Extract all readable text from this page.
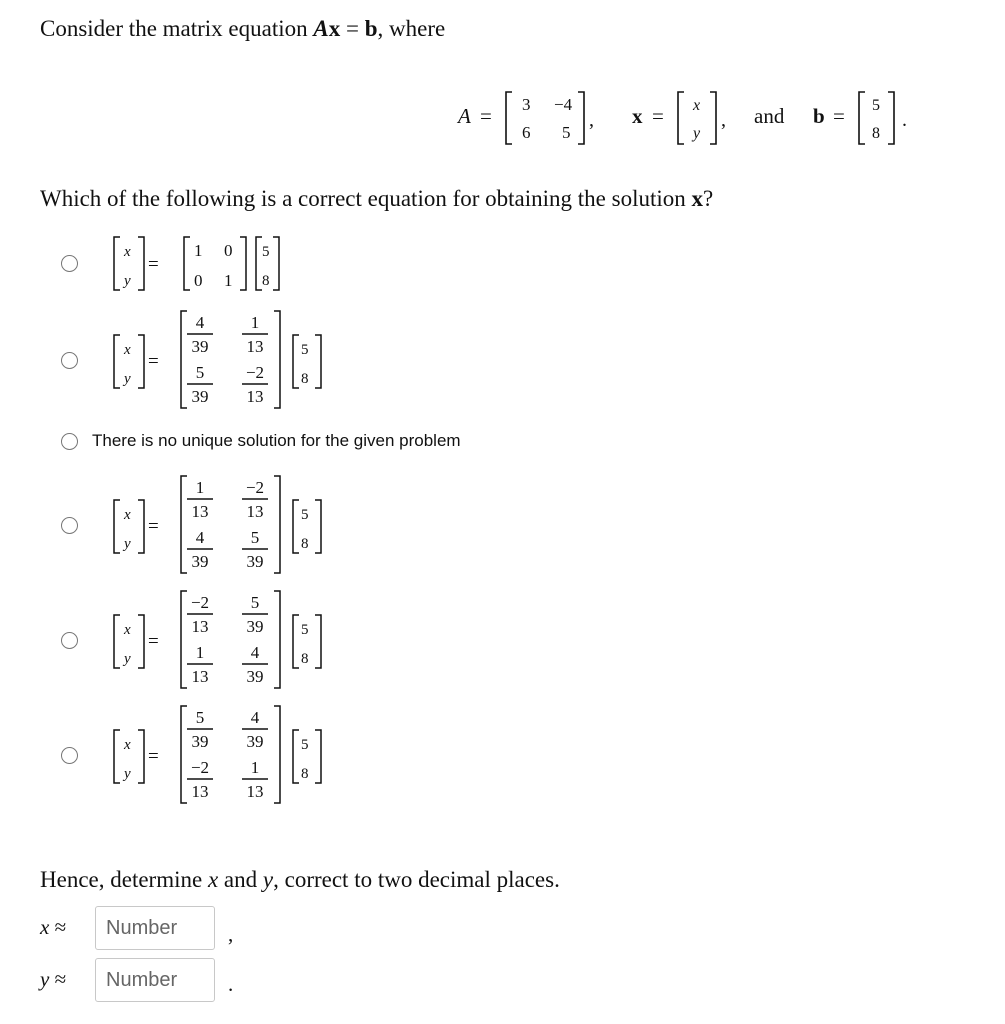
Consider the matrix equation Ax = b, where
A = 3 −4
6 5
, x = x
y
, and b = 5
8
.
Which of the following is a correct equation for obtaining the solution x?
x
y
=
1 0
0 1
5
8
x
y
=
4
39
1
13
5
39
−2
13
5
8
There is no unique solution for the given problem
x
y
=
1
13
−2
13
4
39
5
39
5
8
x
y
=
−2
13
5
39
1
13
4
39
5
8
x
y
=
5
39
4
39
−2
13
1
13
5
8
Hence, determine x and y, correct to two decimal places.
x ≈
Number	,
y ≈
Number	.
